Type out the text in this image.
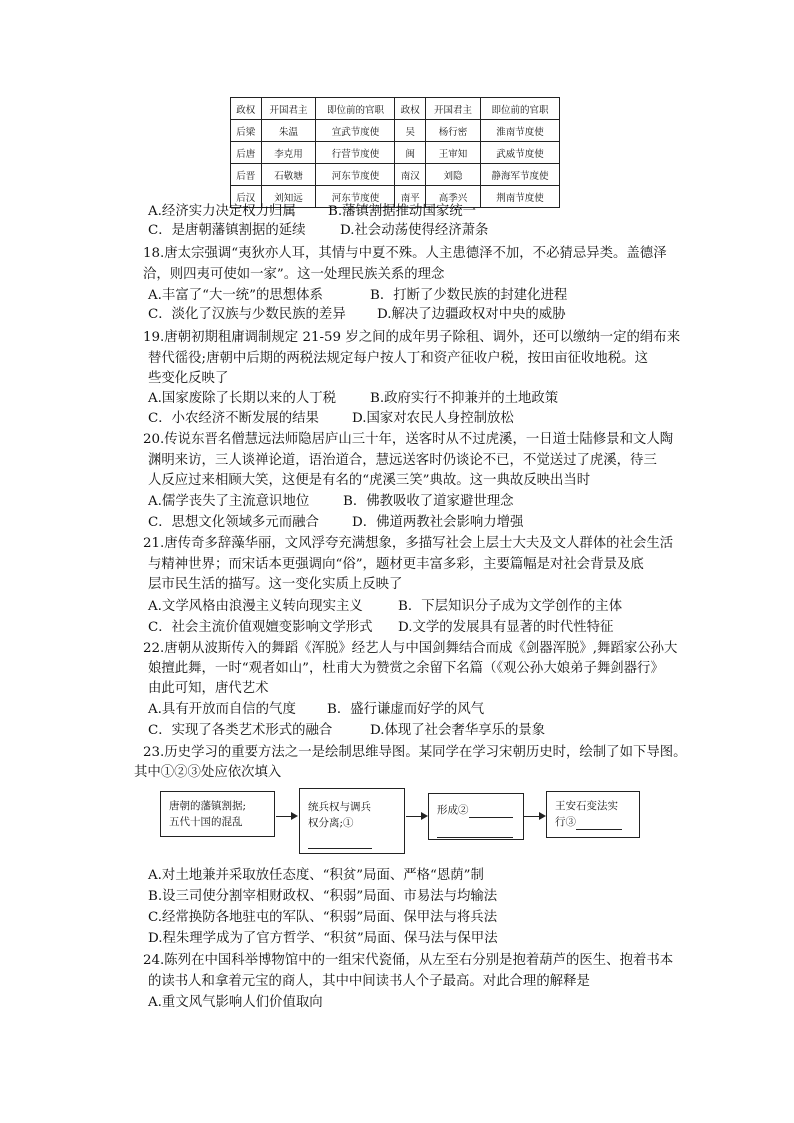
政权	开国君主	即位前的官职	政权	开国君主	即位前的官职
后梁	朱温	宣武节度使	吴	杨行密	淮南节度使
后唐	李克用	行营节度使	闽	王审知	武威节度使
后晋	石敬塘	河东节度使	南汉	刘隐	静海军节度使
后汉	刘知远	河东节度使	南平	高季兴	荆南节度使
A.经济实力决定权力归属 B.藩镇割据推动国家统一
C．是唐朝藩镇割据的延续	D.社会动荡使得经济萧条
18.唐太宗强调“夷狄亦人耳，其情与中夏不殊。人主患德泽不加，不必猜忌异类。盖德泽
洽，则四夷可使如一家”。这一处理民族关系的理念
A.丰富了“大一统”的思想体系	B．打断了少数民族的封建化进程
C．淡化了汉族与少数民族的差异 D.解决了边疆政权对中央的威胁
19.唐朝初期租庸调制规定 21-59 岁之间的成年男子除租、调外，还可以缴纳一定的绢布来
替代徭役;唐朝中后期的两税法规定每户按人丁和资产征收户税，按田亩征收地税。这
些变化反映了
A.国家废除了长期以来的人丁税	B.政府实行不抑兼并的土地政策
C．小农经济不断发展的结果 D.国家对农民人身控制放松
20.传说东晋名僧慧远法师隐居庐山三十年，送客时从不过虎溪，一日道士陆修景和文人陶
渊明来访，三人谈禅论道，语治道合，慧远送客时仍谈论不已，不觉送过了虎溪，待三
人反应过来相顾大笑，这便是有名的“虎溪三笑”典故。这一典故反映出当时
A.儒学丧失了主流意识地位	B．佛教吸收了道家避世理念
C．思想文化领域多元而融合 D．佛道两教社会影响力增强
21.唐传奇多辞藻华丽，文风浮夸充满想象，多描写社会上层士大夫及文人群体的社会生活
与精神世界；而宋话本更强调向“俗”，题材更丰富多彩，主要篇幅是对社会背景及底
层市民生活的描写。这一变化实质上反映了
A.文学风格由浪漫主义转向现实主义	B．下层知识分子成为文学创作的主体
C．社会主流价值观嬗变影响文学形式 D.文学的发展具有显著的时代性特征
22.唐朝从波斯传入的舞蹈《浑脱》经艺人与中国剑舞结合而成《剑器浑脱》,舞蹈家公孙大
娘擅此舞，一时“观者如山”，杜甫大为赞赏之余留下名篇（《观公孙大娘弟子舞剑器行》
由此可知，唐代艺术
A.具有开放而自信的气度 B．盛行谦虚而好学的风气
C．实现了各类艺术形式的融合	D.体现了社会奢华享乐的景象
23.历史学习的重要方法之一是绘制思维导图。某同学在学习宋朝历史时，绘制了如下导图。
其中①②③处应依次填入
唐朝的藩镇割据;
五代十国的混乱
统兵权与调兵
权分离;①
形成②	王安石变法实
行③
A.对土地兼并采取放任态度、“积贫”局面、严格“恩荫”制
B.设三司使分割宰相财政权、“积弱”局面、市易法与均输法
C.经常换防各地驻屯的军队、“积弱”局面、保甲法与将兵法
D.程朱理学成为了官方哲学、“积贫”局面、保马法与保甲法
24.陈列在中国科举博物馆中的一组宋代瓷俑，从左至右分别是抱着葫芦的医生、抱着书本
的读书人和拿着元宝的商人，其中中间读书人个子最高。对此合理的解释是
A.重文风气影响人们价值取向
